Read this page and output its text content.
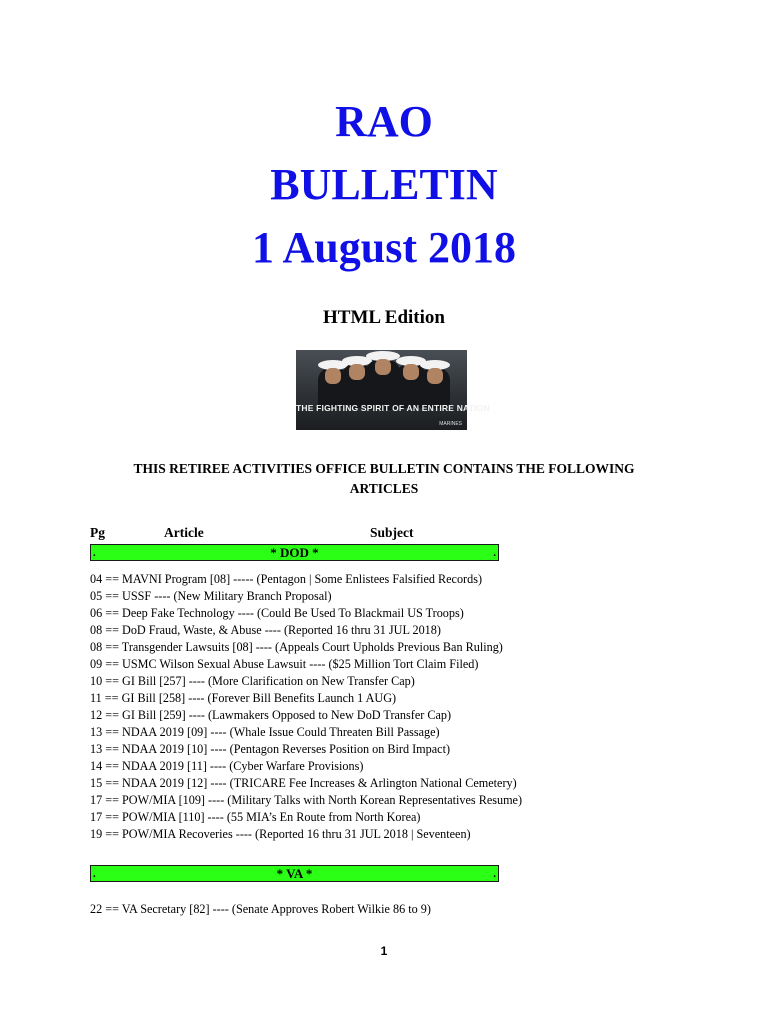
RAO
BULLETIN
1 August 2018
HTML Edition
THE FIGHTING SPIRIT OF AN ENTIRE NATION
MARINES
THIS RETIREE ACTIVITIES OFFICE BULLETIN CONTAINS THE FOLLOWING
ARTICLES
Pg	Article	Subject
.	* DOD *	.
04 == MAVNI Program [08] ----- (Pentagon | Some Enlistees Falsified Records)
05 == USSF ---- (New Military Branch Proposal)
06 == Deep Fake Technology ---- (Could Be Used To Blackmail US Troops)
08 == DoD Fraud, Waste, & Abuse ---- (Reported 16 thru 31 JUL 2018)
08 == Transgender Lawsuits [08] ---- (Appeals Court Upholds Previous Ban Ruling)
09 == USMC Wilson Sexual Abuse Lawsuit ---- ($25 Million Tort Claim Filed)
10 == GI Bill [257] ---- (More Clarification on New Transfer Cap)
11 == GI Bill [258] ---- (Forever Bill Benefits Launch 1 AUG)
12 == GI Bill [259] ---- (Lawmakers Opposed to New DoD Transfer Cap)
13 == NDAA 2019 [09] ---- (Whale Issue Could Threaten Bill Passage)
13 == NDAA 2019 [10] ---- (Pentagon Reverses Position on Bird Impact)
14 == NDAA 2019 [11] ---- (Cyber Warfare Provisions)
15 == NDAA 2019 [12] ---- (TRICARE Fee Increases & Arlington National Cemetery)
17 == POW/MIA [109] ---- (Military Talks with North Korean Representatives Resume)
17 == POW/MIA [110] ---- (55 MIA’s En Route from North Korea)
19 == POW/MIA Recoveries ---- (Reported 16 thru 31 JUL 2018 | Seventeen)
.	* VA *	.
22 == VA Secretary [82] ---- (Senate Approves Robert Wilkie 86 to 9)
1
